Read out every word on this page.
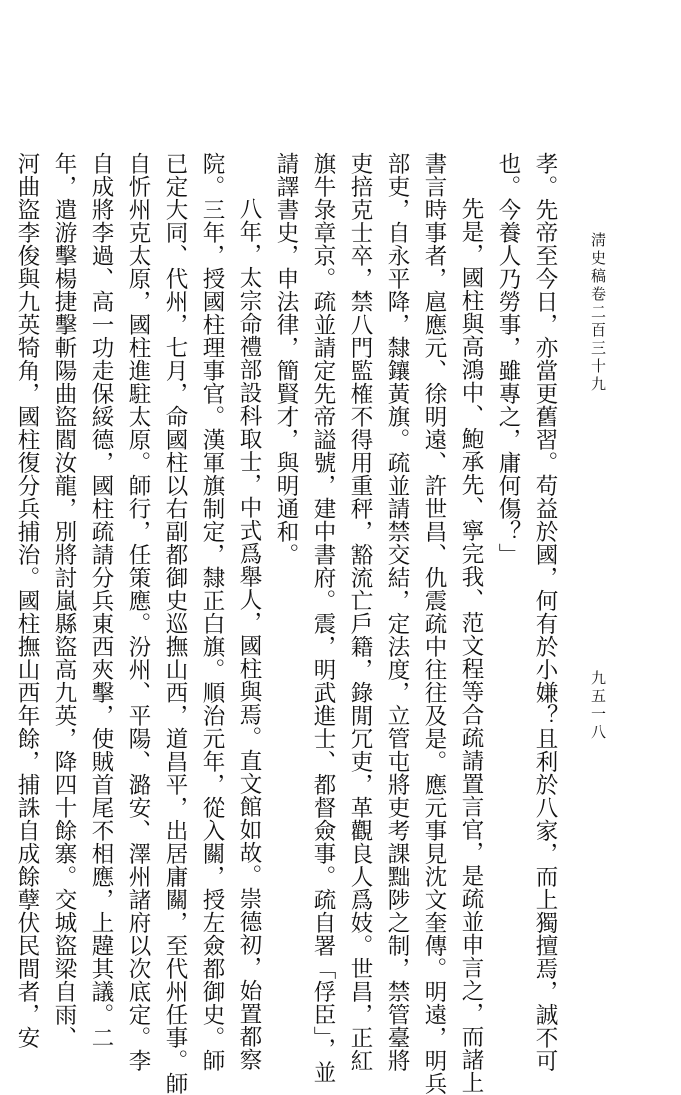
淸史稿卷二百三十九
九五一八
孝。先帝至今日，亦當更舊習。苟益於國，何有於小嫌？且利於八家，而上獨擅焉，誠不可
也。今養人乃勞事，雖專之，庸何傷？」
先是，國柱與高鴻中、鮑承先、寧完我、范文程等合疏請置言官，是疏並申言之，而諸上
書言時事者，扈應元、徐明遠、許世昌、仇震疏中往往及是。應元事見沈文奎傳。明遠，明兵
部吏，自永平降，隸鑲黃旗。疏並請禁交結，定法度，立管屯將吏考課黜陟之制，禁管臺將
吏掊克士卒，禁八門監榷不得用重秤，豁流亡戶籍，錄閒冗吏，革觀良人爲妓。世昌，正紅
旗牛彔章京。疏並請定先帝謚號，建中書府。震，明武進士、都督僉事。疏自署「俘臣」，並
請譯書史，申法律，簡賢才，與明通和。
八年，太宗命禮部設科取士，中式爲舉人，國柱與焉。直文館如故。崇德初，始置都察
院。三年，授國柱理事官。漢軍旗制定，隸正白旗。順治元年，從入關，授左僉都御史。師
已定大同、代州，七月，命國柱以右副都御史巡撫山西，道昌平，出居庸關，至代州任事。師
自忻州克太原，國柱進駐太原。師行，任策應。汾州、平陽、潞安、澤州諸府以次底定。李
自成將李過、高一功走保綏德，國柱疏請分兵東西夾擊，使賊首尾不相應，上韙其議。二
年，遣游擊楊捷擊斬陽曲盜閻汝龍，別將討嵐縣盜高九英，降四十餘寨。交城盜梁自雨、
河曲盜李俊與九英犄角，國柱復分兵捕治。國柱撫山西年餘，捕誅自成餘孽伏民間者，安
